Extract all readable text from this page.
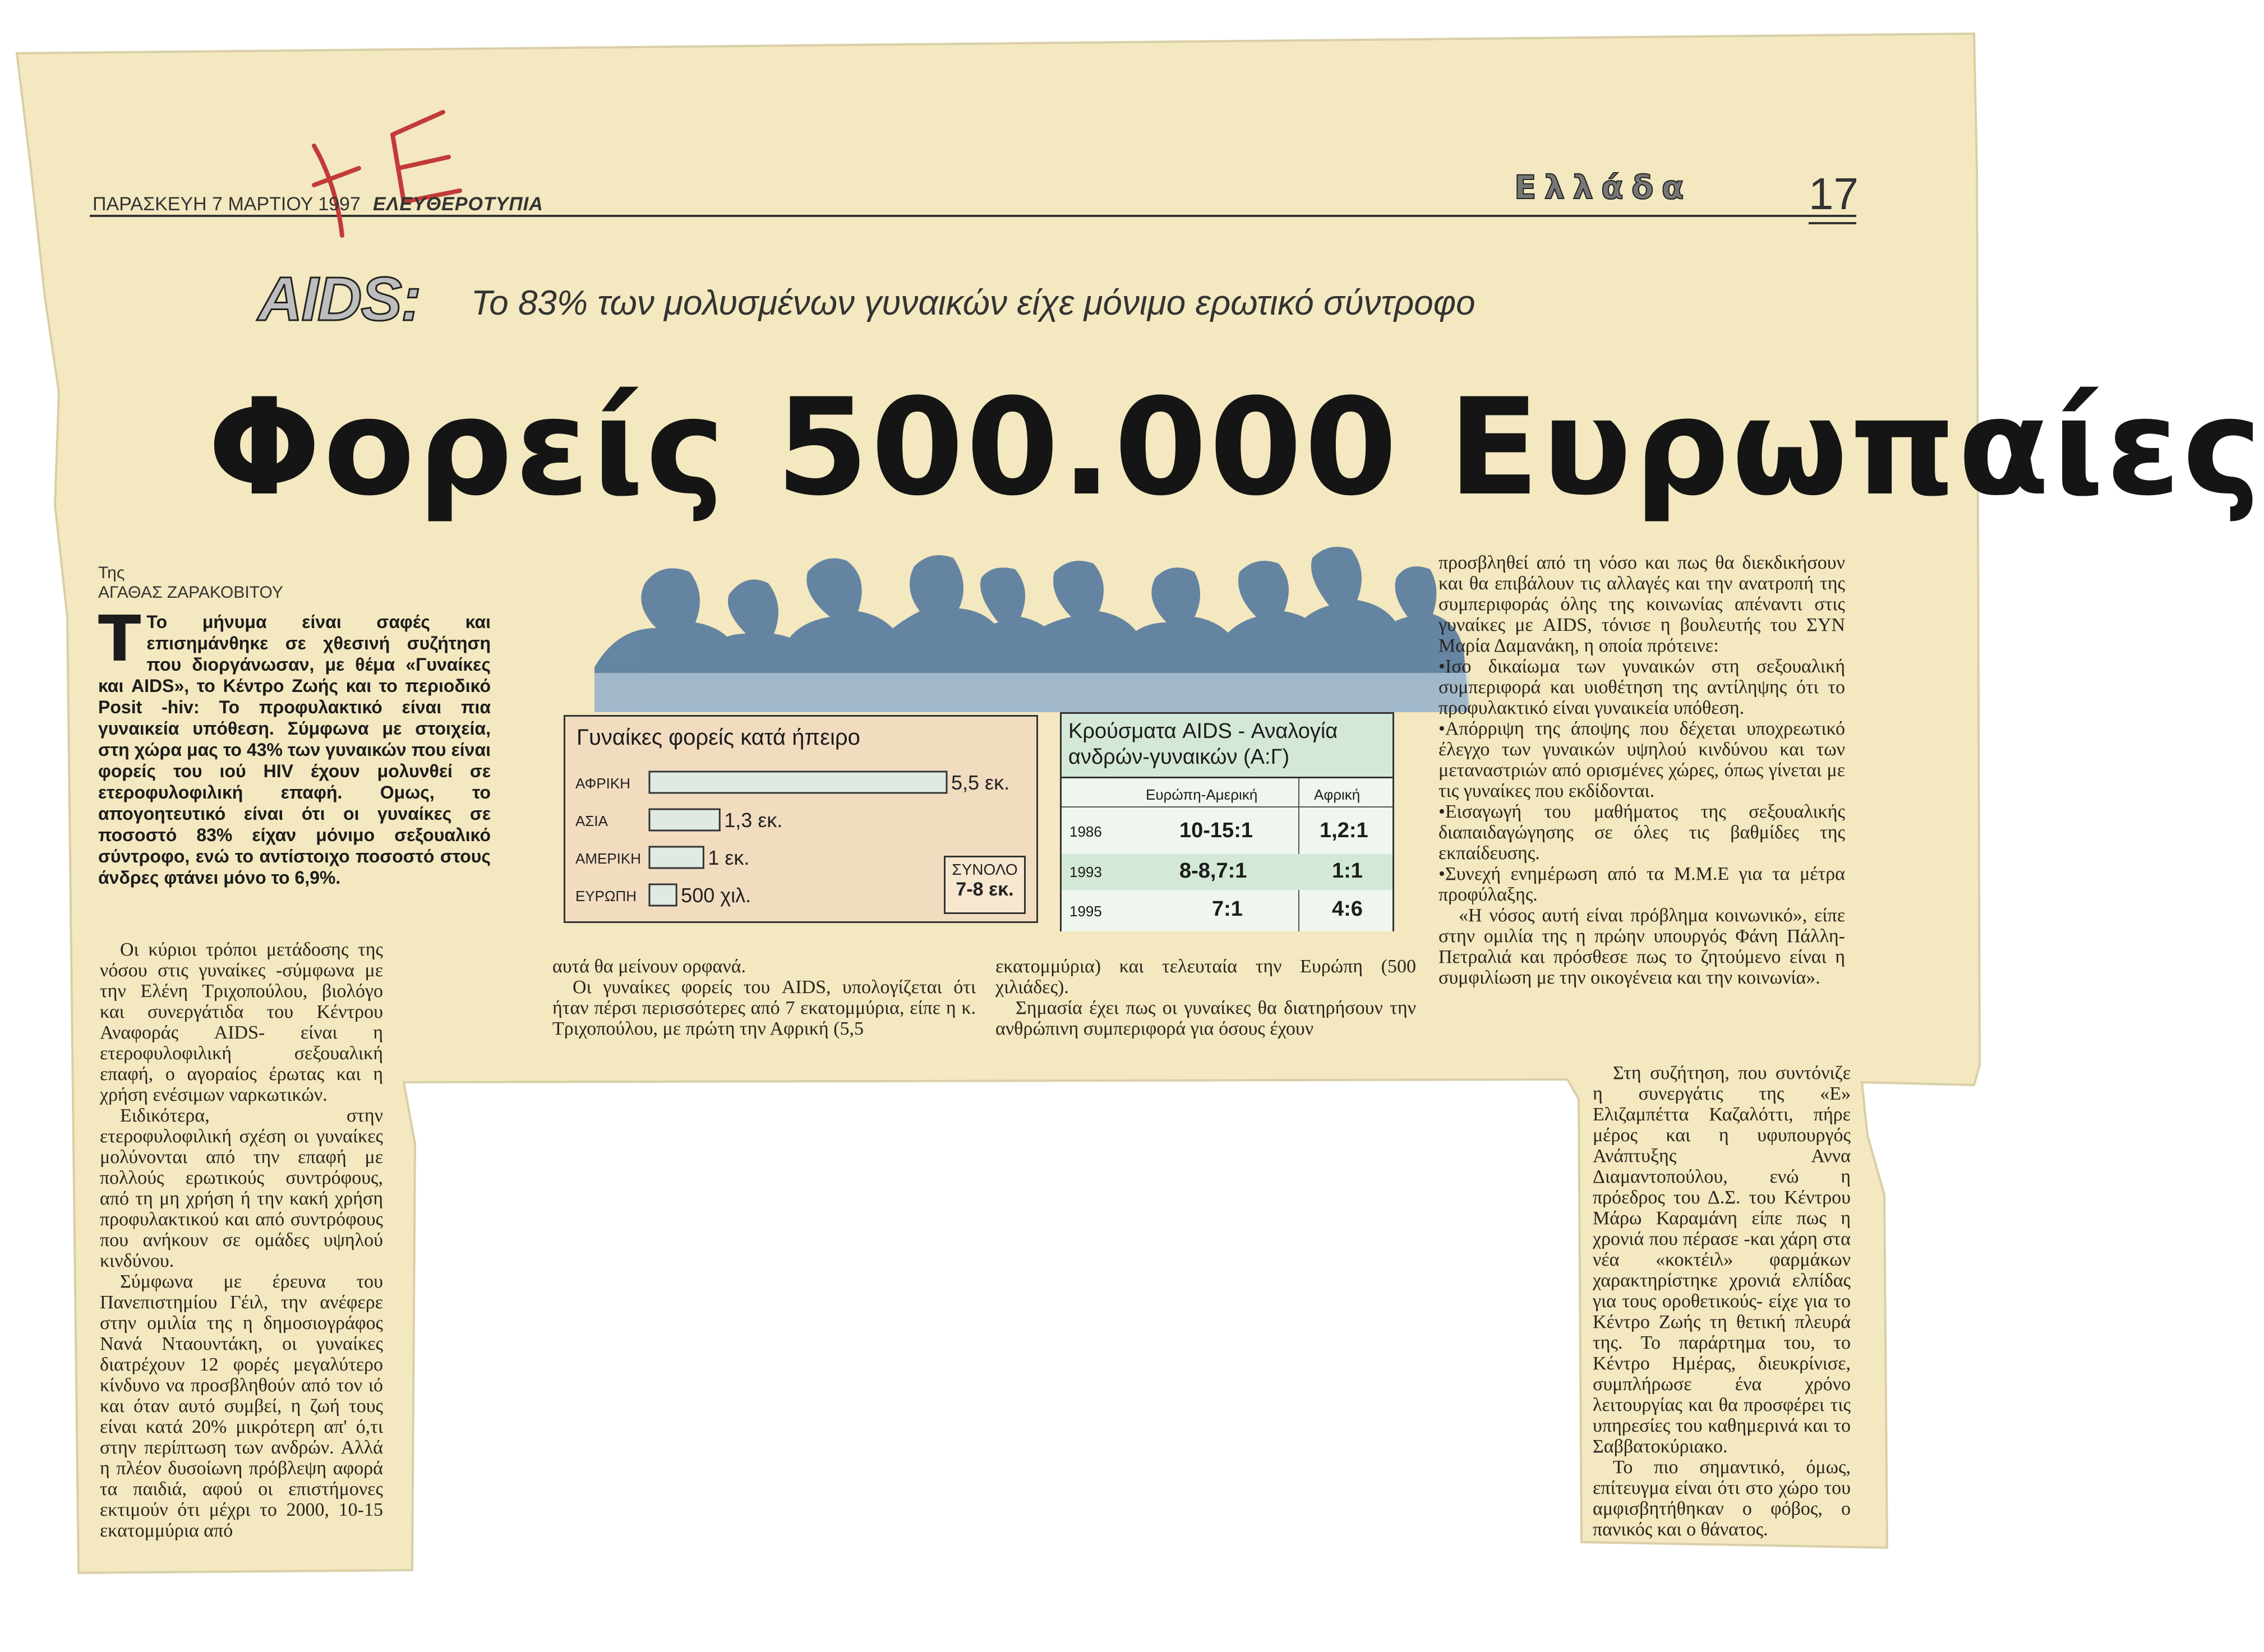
ΠΑΡΑΣΚΕΥΗ 7 ΜΑΡΤΙΟΥ 1997 ΕΛΕΥΘΕΡΟΤΥΠΙΑ	Ελλάδα	17
AIDS: Το 83% των μολυσμένων γυναικών είχε μόνιμο ερωτικό σύντροφο
Φορείς 500.000 Ευρωπαίες
Της
ΑΓΑΘΑΣ ΖΑΡΑΚΟΒΙΤΟΥ
Τ Το μήνυμα είναι σαφές και επισημάνθηκε σε χθεσινή συζήτηση που διοργάνωσαν, με θέμα «Γυναίκες και AIDS», το Κέντρο Ζωής και το περιοδικό Posit -hiv: Το προφυλακτικό είναι πια γυναικεία υπόθεση. Σύμφωνα με στοιχεία, στη χώρα μας το 43% των γυναικών που είναι φορείς του ιού HIV έχουν μολυνθεί σε ετεροφυλοφιλική επαφή. Ομως, το απογοητευτικό είναι ότι οι γυναίκες σε ποσοστό 83% είχαν μόνιμο σεξουαλικό σύντροφο, ενώ το αντίστοιχο ποσοστό στους άνδρες φτάνει μόνο το 6,9%.

Οι κύριοι τρόποι μετάδοσης της νόσου στις γυναίκες -σύμφωνα με την Ελένη Τριχοπούλου, βιολόγο και συνεργάτιδα του Κέντρου Αναφοράς AIDS- είναι η ετεροφυλοφιλική σεξουαλική επαφή, ο αγοραίος έρωτας και η χρήση ενέσιμων ναρκωτικών.

Ειδικότερα, στην ετεροφυλοφιλική σχέση οι γυναίκες μολύνονται από την επαφή με πολλούς ερωτικούς συντρόφους, από τη μη χρήση ή την κακή χρήση προφυλακτικού και από συντρόφους που ανήκουν σε ομάδες υψηλού κινδύνου.

Σύμφωνα με έρευνα του Πανεπιστημίου Γέιλ, την ανέφερε στην ομιλία της η δημοσιογράφος Νανά Νταουντάκη, οι γυναίκες διατρέχουν 12 φορές μεγαλύτερο κίνδυνο να προσβληθούν από τον ιό και όταν αυτό συμβεί, η ζωή τους είναι κατά 20% μικρότερη απ' ό,τι στην περίπτωση των ανδρών. Αλλά η πλέον δυσοίωνη πρόβλεψη αφορά τα παιδιά, αφού οι επιστήμονες εκτιμούν ότι μέχρι το 2000, 10-15 εκατομμύρια από

αυτά θα μείνουν ορφανά.

Οι γυναίκες φορείς του AIDS, υπολογίζεται ότι ήταν πέρσι περισσότερες από 7 εκατομμύρια, είπε η κ. Τριχοπούλου, με πρώτη την Αφρική (5,5

εκατομμύρια) και τελευταία την Ευρώπη (500 χιλιάδες).

Σημασία έχει πως οι γυναίκες θα διατηρήσουν την ανθρώπινη συμπεριφορά για όσους έχουν

προσβληθεί από τη νόσο και πως θα διεκδικήσουν και θα επιβάλουν τις αλλαγές και την ανατροπή της συμπεριφοράς όλης της κοινωνίας απέναντι στις γυναίκες με AIDS, τόνισε η βουλευτής του ΣΥΝ Μαρία Δαμανάκη, η οποία πρότεινε:

•Ισο δικαίωμα των γυναικών στη σεξουαλική συμπεριφορά και υιοθέτηση της αντίληψης ότι το προφυλακτικό είναι γυναικεία υπόθεση.

•Απόρριψη της άποψης που δέχεται υποχρεωτικό έλεγχο των γυναικών υψηλού κινδύνου και των μεταναστριών από ορισμένες χώρες, όπως γίνεται με τις γυναίκες που εκδίδονται.

•Εισαγωγή του μαθήματος της σεξουαλικής διαπαιδαγώγησης σε όλες τις βαθμίδες της εκπαίδευσης.

•Συνεχή ενημέρωση από τα Μ.Μ.Ε για τα μέτρα προφύλαξης.

«Η νόσος αυτή είναι πρόβλημα κοινωνικό», είπε στην ομιλία της η πρώην υπουργός Φάνη Πάλλη-Πετραλιά και πρόσθεσε πως το ζητούμενο είναι η συμφιλίωση με την οικογένεια και την κοινωνία».

Στη συζήτηση, που συντόνιζε η συνεργάτις της «Ε» Ελιζαμπέττα Καζαλόττι, πήρε μέρος και η υφυπουργός Ανάπτυξης Αννα Διαμαντοπούλου, ενώ η πρόεδρος του Δ.Σ. του Κέντρου Μάρω Καραμάνη είπε πως η χρονιά που πέρασε -και χάρη στα νέα «κοκτέιλ» φαρμάκων χαρακτηρίστηκε χρονιά ελπίδας για τους οροθετικούς- είχε για το Κέντρο Ζωής τη θετική πλευρά της. Το παράρτημα του, το Κέντρο Ημέρας, διευκρίνισε, συμπλήρωσε ένα χρόνο λειτουργίας και θα προσφέρει τις υπηρεσίες του καθημερινά και το Σαββατοκύριακο.

Το πιο σημαντικό, όμως, επίτευγμα είναι ότι στο χώρο του αμφισβητήθηκαν ο φόβος, ο πανικός και ο θάνατος.

Γυναίκες φορείς κατά ήπειρο
ΑΦΡΙΚΗ	5,5 εκ.
ΑΣΙΑ	1,3 εκ.
ΑΜΕΡΙΚΗ	1 εκ.
ΕΥΡΩΠΗ 500 χιλ.
ΣΥΝΟΛΟ
7-8 εκ.
Κρούσματα AIDS - Αναλογία ανδρών-γυναικών (Α:Γ)
Ευρώπη-Αμερική	Αφρική
1986	10-15:1	1,2:1
1993	8-8,7:1	1:1
1995	7:1	4:6
